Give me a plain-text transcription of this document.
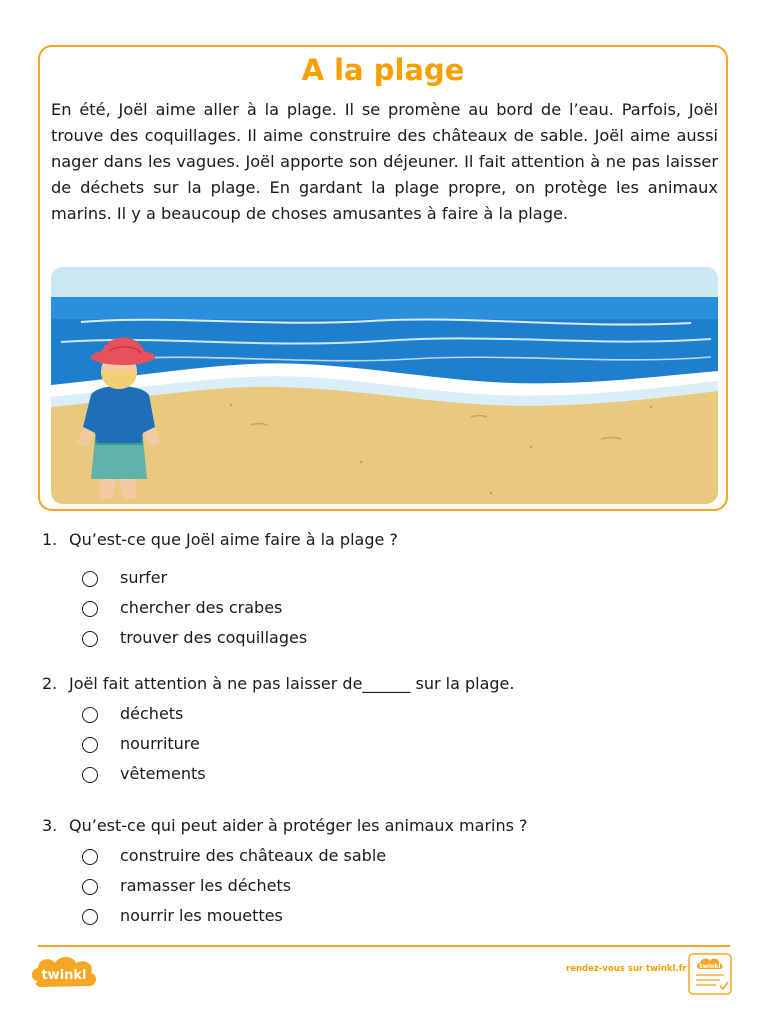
A la plage

En été, Joël aime aller à la plage. Il se promène au bord de l’eau. Parfois, Joël trouve des coquillages. Il aime construire des châteaux de sable. Joël aime aussi nager dans les vagues. Joël apporte son déjeuner. Il fait attention à ne pas laisser de déchets sur la plage. En gardant la plage propre, on protège les animaux marins. Il y a beaucoup de choses amusantes à faire à la plage.

1. Qu’est-ce que Joël aime faire à la plage ?
surfer
chercher des crabes
trouver des coquillages
2. Joël fait attention à ne pas laisser de______ sur la plage.
déchets
nourriture
vêtements
3. Qu’est-ce qui peut aider à protéger les animaux marins ?
construire des châteaux de sable
ramasser les déchets
nourrir les mouettes
twinkl	rendez-vous sur twinkl.fr twinkl
